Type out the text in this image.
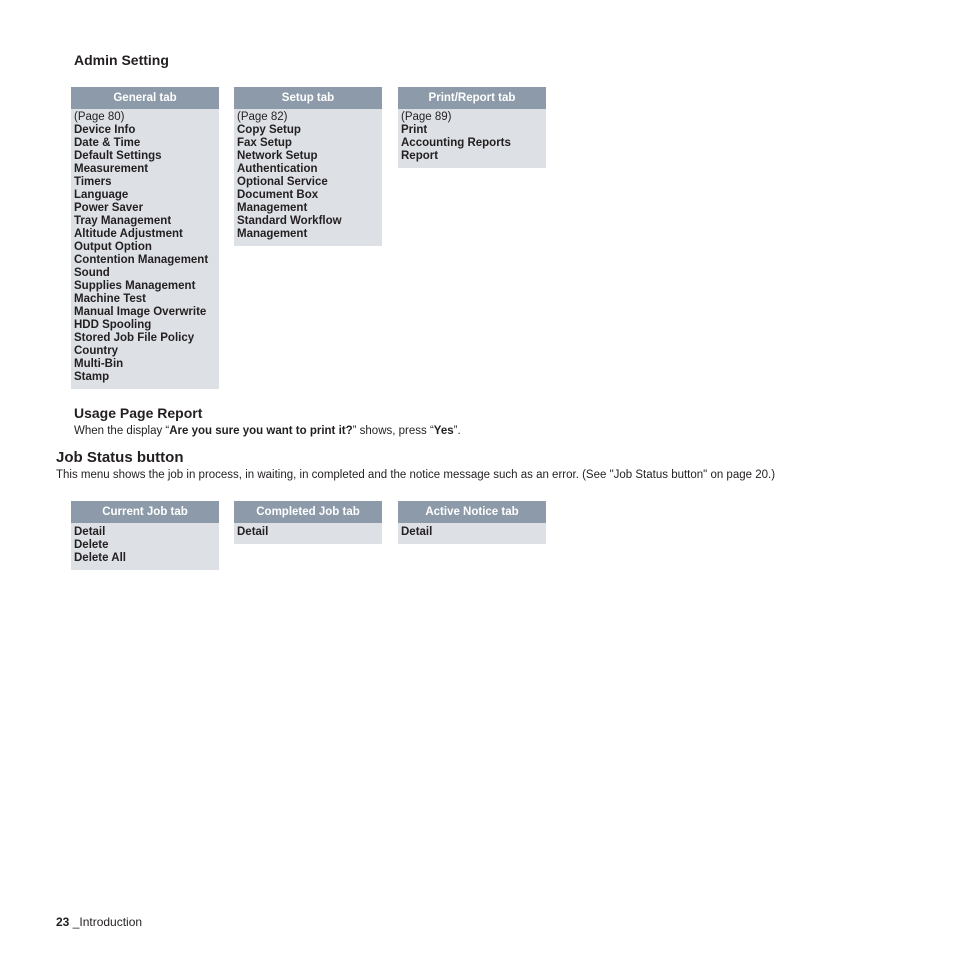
Admin Setting
General tab
(Page 80)
Device Info
Date & Time
Default Settings
Measurement
Timers
Language
Power Saver
Tray Management
Altitude Adjustment
Output Option
Contention Management
Sound
Supplies Management
Machine Test
Manual Image Overwrite
HDD Spooling
Stored Job File Policy
Country
Multi-Bin
Stamp
Setup tab
(Page 82)
Copy Setup
Fax Setup
Network Setup
Authentication
Optional Service
Document Box
Management
Standard Workflow
Management
Print/Report tab
(Page 89)
Print
Accounting Reports
Report
Usage Page Report
When the display “Are you sure you want to print it?” shows, press “Yes”.
Job Status button
This menu shows the job in process, in waiting, in completed and the notice message such as an error. (See "Job Status button" on page 20.)
Current Job tab
Detail
Delete
Delete All
Completed Job tab
Detail
Active Notice tab
Detail
23 _Introduction
